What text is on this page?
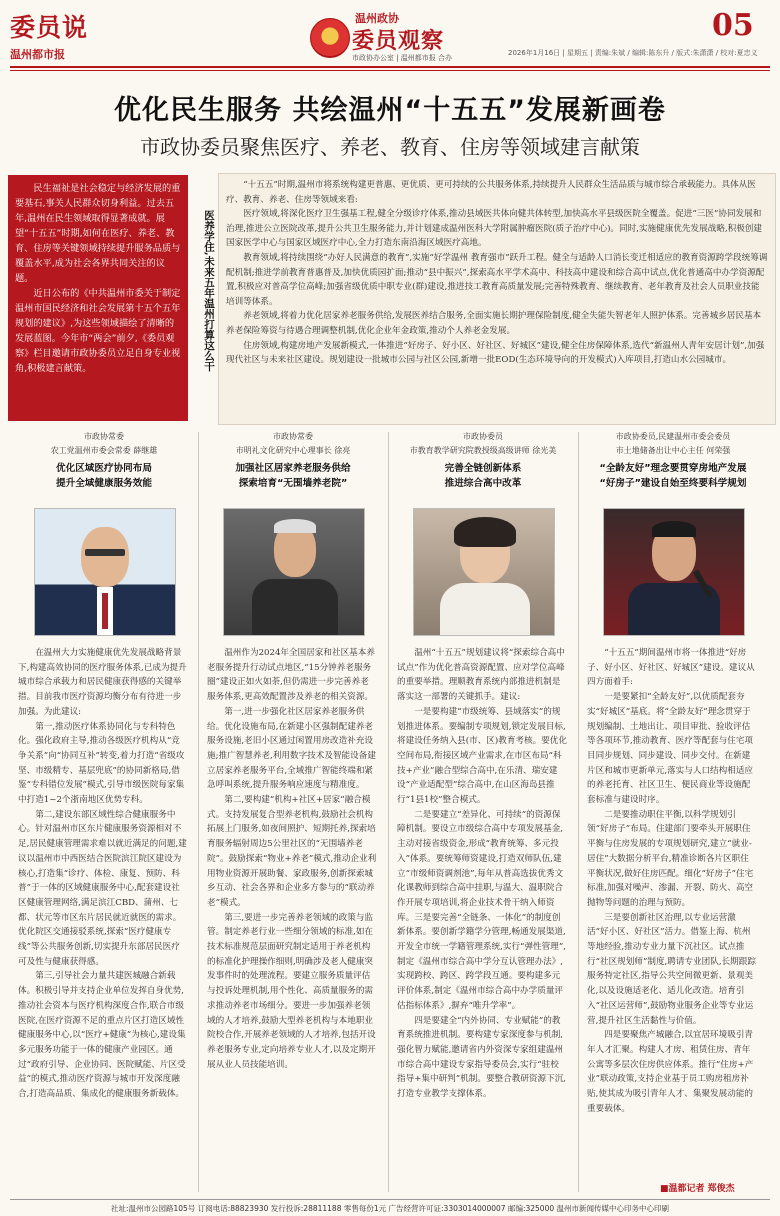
委员说
温州都市报
温州政协
委员观察
市政协办公室 | 温州都市报 合办
05
2026年1月16日 | 星期五 | 责编:朱斌 / 编辑:陈东升 / 版式:朱潇潇 / 校对:夏忠义
优化民生服务 共绘温州“十五五”发展新画卷
市政协委员聚焦医疗、养老、教育、住房等领域建言献策

民生福祉是社会稳定与经济发展的重要基石,事关人民群众切身利益。过去五年,温州在民生领域取得显著成就。展望“十五五”时期,如何在医疗、养老、教育、住房等关键领域持续提升服务品质与覆盖水平,成为社会各界共同关注的议题。

近日公布的《中共温州市委关于制定温州市国民经济和社会发展第十五个五年规划的建议》,为这些领域描绘了清晰的发展蓝图。今年市“两会”前夕,《委员观察》栏目邀请市政协委员立足自身专业视角,积极建言献策。	医养学住,未来五年温州打算这么干

“十五五”时期,温州市将系统构建更普惠、更优质、更可持续的公共服务体系,持续提升人民群众生活品质与城市综合承载能力。具体从医疗、教育、养老、住房等领域来看:

医疗领域,将深化医疗卫生强基工程,健全分级诊疗体系,推动县域医共体向健共体转型,加快高水平县级医院全覆盖。促进“三医”协同发展和治理,推进公立医院改革,提升公共卫生服务能力,并计划建成温州医科大学附属肿瘤医院(质子治疗中心)。同时,实施健康优先发展战略,积极创建国家医学中心与国家区域医疗中心,全力打造东南沿海区域医疗高地。

教育领域,将持续围绕“办好人民满意的教育”,实施“好学温州 教育强市”跃升工程。健全与适龄人口消长变迁相适应的教育资源跨学段统筹调配机制;推进学前教育普惠普及,加快优质园扩面;推动“县中振兴”,探索高水平学术高中、科技高中建设和综合高中试点,优化普通高中办学资源配置,积极应对普高学位高峰;加强省级优质中职专业(群)建设,推进技工教育高质量发展;完善特殊教育、继续教育、老年教育及社会人员职业技能培训等体系。

养老领域,将着力优化居家养老服务供给,发展医养结合服务,全面实施长期护理保险制度,健全失能失智老年人照护体系。完善城乡居民基本养老保险筹资与待遇合理调整机制,优化企业年金政策,推动个人养老金发展。

住房领域,构建房地产发展新模式,一体推进“好房子、好小区、好社区、好城区”建设,健全住房保障体系,选代“新温州人青年安居计划”,加强现代社区与未来社区建设。规划建设一批城市公园与社区公园,新增一批EOD(生态环境导向的开发模式)入库项目,打造山水公园城市。

市政协常委
农工党温州市委会常委 薛继雄
优化区域医疗协同布局
提升全域健康服务效能

在温州大力实施健康优先发展战略背景下,构建高效协同的医疗服务体系,已成为提升城市综合承载力和居民健康获得感的关键举措。目前我市医疗资源均衡分布有待进一步加强。为此建议:

第一,推动医疗体系协同化与专科特色化。强化政府主导,推动各级医疗机构从“竞争关系”向“协同互补”转变,着力打造“省级攻坚、市级精专、基层兜底”的协同新格局,借鉴“专科错位发展”模式,引导市级医院每家集中打造1~2个浙南地区优势专科。

第二,建设东部区域性综合健康服务中心。针对温州市区东片健康服务资源相对不足,居民健康管理需求难以就近满足的问题,建议以温州市中西医结合医院滨江院区建设为核心,打造集“诊疗、体检、康复、预防、科普”于一体的区域健康服务中心,配套建设社区健康管理网络,满足滨江CBD、蒲州、七都、状元等市区东片居民就近就医的需求。优化院区交通接驳系统,探索“医疗健康专线”等公共服务创新,切实提升东部居民医疗可及性与健康获得感。

第三,引导社会力量共建医城融合新载体。积极引导并支持企业单位发挥自身优势,推动社会资本与医疗机构深度合作,联合市级医院,在医疗资源不足的重点片区打造区域性健康服务中心,以“医疗+健康”为核心,建设集多元服务功能于一体的健康产业园区。通过“政府引导、企业协同、医院赋能、片区受益”的模式,推动医疗资源与城市开发深度融合,打造高品质、集成化的健康服务新载体。

市政协常委
市明礼文化研究中心理事长 徐亮
加强社区居家养老服务供给
探索培育“无围墙养老院”

温州作为2024年全国居家和社区基本养老服务提升行动试点地区,“15分钟养老服务圈”建设正如火如荼,但仍需进一步完善养老服务体系,更高效配置涉及养老的相关资源。

第一,进一步强化社区居家养老服务供给。优化设施布局,在新建小区强制配建养老服务设施,老旧小区通过闲置用房改造补充设施;推广智慧养老,利用数字技术及智能设备建立居家养老服务平台,全域推广智能终端和紧急呼叫系统,提升服务响应速度与精准度。

第二,要构建“机构+社区+居家”融合模式。支持发展复合型养老机构,鼓励社会机构拓展上门服务,如夜间照护、短期托养,探索培育服务辐射周边5公里社区的“无围墙养老院”。鼓励探索“物业+养老”模式,推动企业利用物业资源开展助餐、家政服务,创新探索城乡互动、社会各界和企业多方参与的“联动养老”模式。

第三,要进一步完善养老领域的政策与监管。制定养老行业一些细分领域的标准,如在技术标准规范层面研究制定适用于养老机构的标准化护理操作细则,明确涉及老人健康突发事件时的处理流程。要建立服务质量评估与投诉处理机制,用个性化、高质量服务的需求推动养老市场细分。要进一步加强养老领域的人才培养,鼓励大型养老机构与本地职业院校合作,开展养老领域的人才培养,包括开设养老服务专业,定向培养专业人才,以及定期开展从业人员技能培训。

市政协委员
市教育教学研究院教授级高级讲师 徐光美
完善全链创新体系
推进综合高中改革

温州“十五五”规划建议将“探索综合高中试点”作为优化普高资源配置、应对学位高峰的重要举措。理顺教育系统内部推进机制是落实这一部署的关键抓手。建议:

一是要构建“市级统筹、县域落实”的规划推进体系。要编制专项规划,锁定发展目标,将建设任务纳入县(市、区)教育考核。要优化空间布局,衔接区域产业需求,在市区布局“科技+产业”融合型综合高中,在乐清、瑞安建设“产业适配型”综合高中,在山区海岛县推行“1县1校”整合模式。

二是要建立“差异化、可持续”的资源保障机制。要设立市级综合高中专项发展基金,主动对接省级资金,形成“教育统筹、多元投入”体系。要统筹师资建设,打造双师队伍,建立“市级师资调剂池”,每年从普高选拔优秀文化课教师到综合高中挂职,与温大、温职院合作开展专项培训,将企业技术骨干纳入师资库。三是要完善“全链条、一体化”的制度创新体系。要创新学籍学分管理,畅通发展渠道,开发全市统一学籍管理系统,实行“弹性管理”,制定《温州市综合高中学分互认管理办法》,实现跨校、跨区、跨学段互通。要构建多元评价体系,制定《温州市综合高中办学质量评估指标体系》,摒弃“唯升学率”。

四是要建全“内外协同、专业赋能”的教育系统推进机制。要构建专家深度参与机制,强化智力赋能,邀请省内外资深专家组建温州市综合高中建设专家指导委员会,实行“驻校指导+集中研判”机制。要整合教研资源下沉,打造专业教学支撑体系。

市政协委员,民建温州市委会委员
市土地储备出让中心主任 何荣强
“全龄友好”理念要贯穿房地产发展
“好房子”建设自始至终要科学规划

“十五五”期间温州市将一体推进“好房子、好小区、好社区、好城区”建设。建议从四方面着手:

一是要紧扣“全龄友好”,以优质配套夯实“好城区”基底。将“全龄友好”理念贯穿于规划编制、土地出让、项目审批、验收评估等各项环节,推动教育、医疗等配套与住宅项目同步规划、同步建设、同步交付。在新建片区和城市更新单元,落实与人口结构相适应的养老托育、社区卫生、便民商业等设施配套标准与建设时序。

二是要推动职住平衡,以科学规划引领“好房子”布局。住建部门要牵头开展职住平衡与住房发展的专项规划研究,建立“就业-居住”大数据分析平台,精准诊断各片区职住平衡状况,做好住房匹配。细化“好房子”住宅标准,加强对噪声、渗漏、开裂、防火、高空抛物等问题的治理与预防。

三是要创新社区治理,以专业运营激活“好小区、好社区”活力。借鉴上海、杭州等地经验,推动专业力量下沉社区。试点推行“社区规划师”制度,聘请专业团队,长期跟踪服务特定社区,指导公共空间微更新、景观美化,以及设施适老化、适儿化改造。培育引入“社区运营师”,鼓励物业服务企业等专业运营,提升社区生活黏性与价值。

四是要聚焦产城融合,以宜居环境吸引青年人才汇聚。构建人才房、租赁住房、青年公寓等多层次住房供应体系。推行“住房+产业”联动政策,支持企业基于员工购房租房补贴,使其成为吸引青年人才、集聚发展动能的重要载体。

■温都记者 郑俊杰
社址:温州市公园路105号 订阅电话:88823930 发行投诉:28811188 零售每份1元 广告经营许可证:3303014000007 邮编:325000 温州市新闻传媒中心印务中心印刷
